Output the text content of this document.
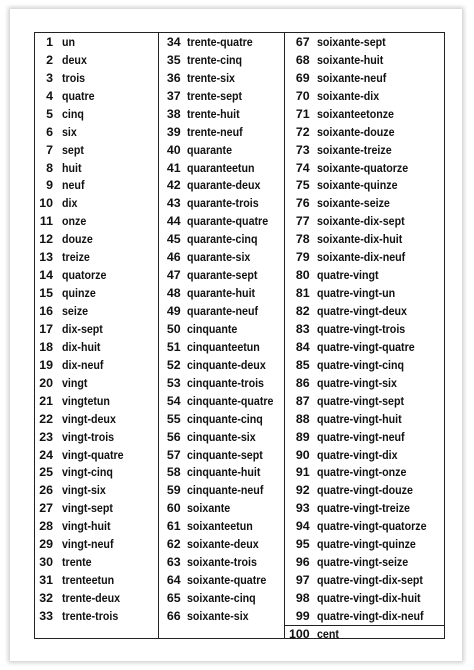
1 un
2 deux
3 trois
4 quatre
5 cinq
6 six
7 sept
8 huit
9 neuf
10 dix
11 onze
12 douze
13 treize
14 quatorze
15 quinze
16 seize
17 dix-sept
18 dix-huit
19 dix-neuf
20 vingt
21 vingtetun
22 vingt-deux
23 vingt-trois
24 vingt-quatre
25 vingt-cinq
26 vingt-six
27 vingt-sept
28 vingt-huit
29 vingt-neuf
30 trente
31 trenteetun
32 trente-deux
33 trente-trois
34 trente-quatre
35 trente-cinq
36 trente-six
37 trente-sept
38 trente-huit
39 trente-neuf
40 quarante
41 quaranteetun
42 quarante-deux
43 quarante-trois
44 quarante-quatre
45 quarante-cinq
46 quarante-six
47 quarante-sept
48 quarante-huit
49 quarante-neuf
50 cinquante
51 cinquanteetun
52 cinquante-deux
53 cinquante-trois
54 cinquante-quatre
55 cinquante-cinq
56 cinquante-six
57 cinquante-sept
58 cinquante-huit
59 cinquante-neuf
60 soixante
61 soixanteetun
62 soixante-deux
63 soixante-trois
64 soixante-quatre
65 soixante-cinq
66 soixante-six
67 soixante-sept
68 soixante-huit
69 soixante-neuf
70 soixante-dix
71 soixanteetonze
72 soixante-douze
73 soixante-treize
74 soixante-quatorze
75 soixante-quinze
76 soixante-seize
77 soixante-dix-sept
78 soixante-dix-huit
79 soixante-dix-neuf
80 quatre-vingt
81 quatre-vingt-un
82 quatre-vingt-deux
83 quatre-vingt-trois
84 quatre-vingt-quatre
85 quatre-vingt-cinq
86 quatre-vingt-six
87 quatre-vingt-sept
88 quatre-vingt-huit
89 quatre-vingt-neuf
90 quatre-vingt-dix
91 quatre-vingt-onze
92 quatre-vingt-douze
93 quatre-vingt-treize
94 quatre-vingt-quatorze
95 quatre-vingt-quinze
96 quatre-vingt-seize
97 quatre-vingt-dix-sept
98 quatre-vingt-dix-huit
99 quatre-vingt-dix-neuf
100 cent
